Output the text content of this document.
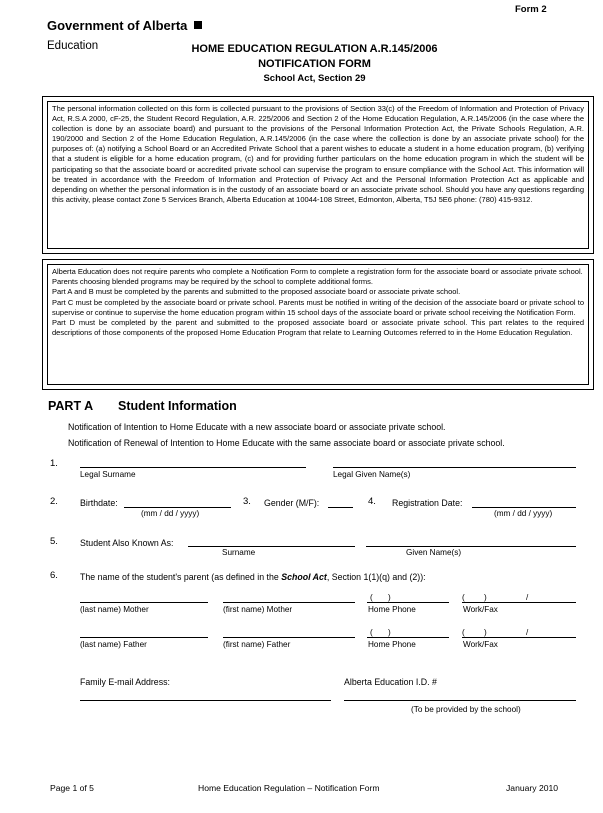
Form 2
Government of Alberta
Education	HOME EDUCATION REGULATION A.R.145/2006
NOTIFICATION FORM
School Act, Section 29

The personal information collected on this form is collected pursuant to the provisions of Section 33(c) of the Freedom of Information and Protection of Privacy Act, R.S.A 2000, cF-25, the Student Record Regulation, A.R. 225/2006 and Section 2 of the Home Education Regulation, A.R.145/2006 (in the case where the collection is done by an associate board) and pursuant to the provisions of the Personal Information Protection Act, the Private Schools Regulation, A.R. 190/2000 and Section 2 of the Home Education Regulation, A.R.145/2006 (in the case where the collection is done by an associate private school) for the purposes of: (a) notifying a School Board or an Accredited Private School that a parent wishes to educate a student in a home education program, (b) verifying that a student is eligible for a home education program, (c) and for providing further particulars on the home education program in which the student will be participating so that the associate board or accredited private school can supervise the program to ensure compliance with the School Act. This information will be treated in accordance with the Freedom of Information and Protection of Privacy Act and the Personal Information Protection Act as applicable and depending on whether the personal information is in the custody of an associate board or an associate private school. Should you have any questions regarding this activity, please contact Zone 5 Services Branch, Alberta Education at 10044-108 Street, Edmonton, Alberta, T5J 5E6 phone: (780) 415-9312.

Alberta Education does not require parents who complete a Notification Form to complete a registration form for the associate board or associate private school.

Parents choosing blended programs may be required by the school to complete additional forms.

Part A and B must be completed by the parents and submitted to the proposed associate board or associate private school.

Part C must be completed by the associate board or private school. Parents must be notified in writing of the decision of the associate board or private school to supervise or continue to supervise the home education program within 15 school days of the associate board or private school receiving the Notification Form.

Part D must be completed by the parent and submitted to the proposed associate board or associate private school. This part relates to the required descriptions of those components of the proposed Home Education Program that relate to Learning Outcomes referred to in the Home Education Regulation.

PART A Student Information
Notification of Intention to Home Educate with a new associate board or associate private school.
Notification of Renewal of Intention to Home Educate with the same associate board or associate private school.
1.
Legal Surname	Legal Given Name(s)
2.	Birthdate:
(mm / dd / yyyy)
3. Gender (M/F):	4. Registration Date:
(mm / dd / yyyy)
5.	Student Also Known As:
Surname	Given Name(s)
6.	The name of the student's parent (as defined in the School Act, Section 1(1)(q) and (2)):
(last name) Mother	(first name) Mother
( )
Home Phone
( )	/
Work/Fax
(last name) Father	(first name) Father
( )
Home Phone
( )	/
Work/Fax
Family E-mail Address:	Alberta Education I.D. #
(To be provided by the school)
Page 1 of 5	Home Education Regulation – Notification Form	January 2010
